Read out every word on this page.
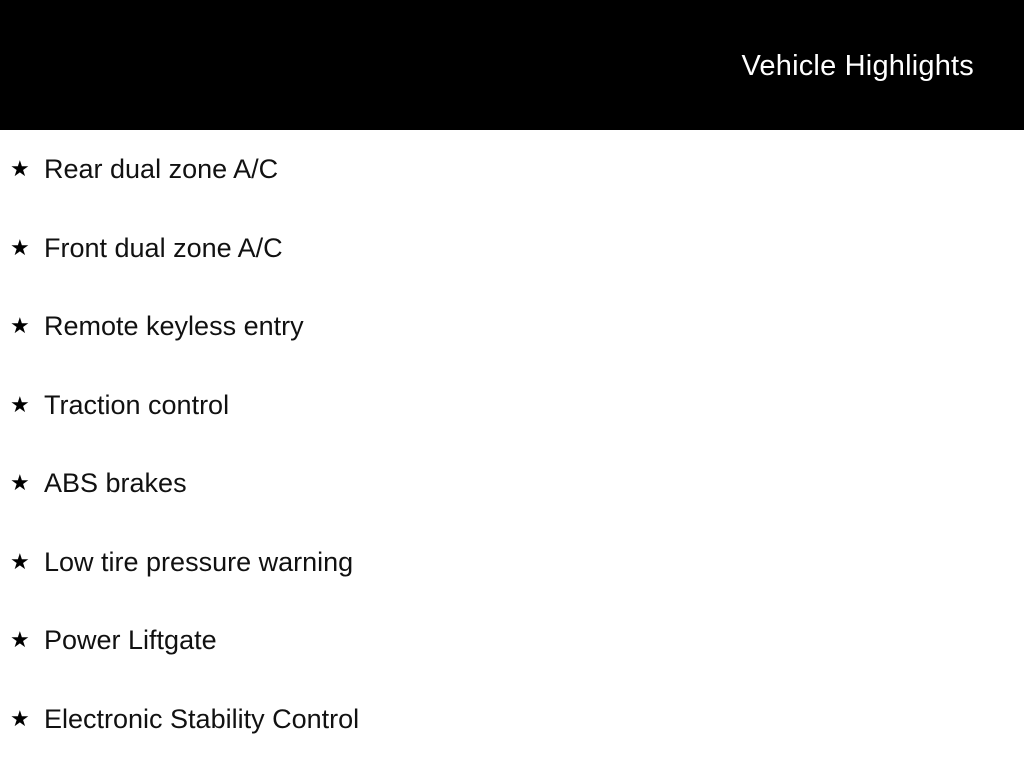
Vehicle Highlights
★ Rear dual zone A/C
★ Front dual zone A/C
★ Remote keyless entry
★ Traction control
★ ABS brakes
★ Low tire pressure warning
★ Power Liftgate
★ Electronic Stability Control
